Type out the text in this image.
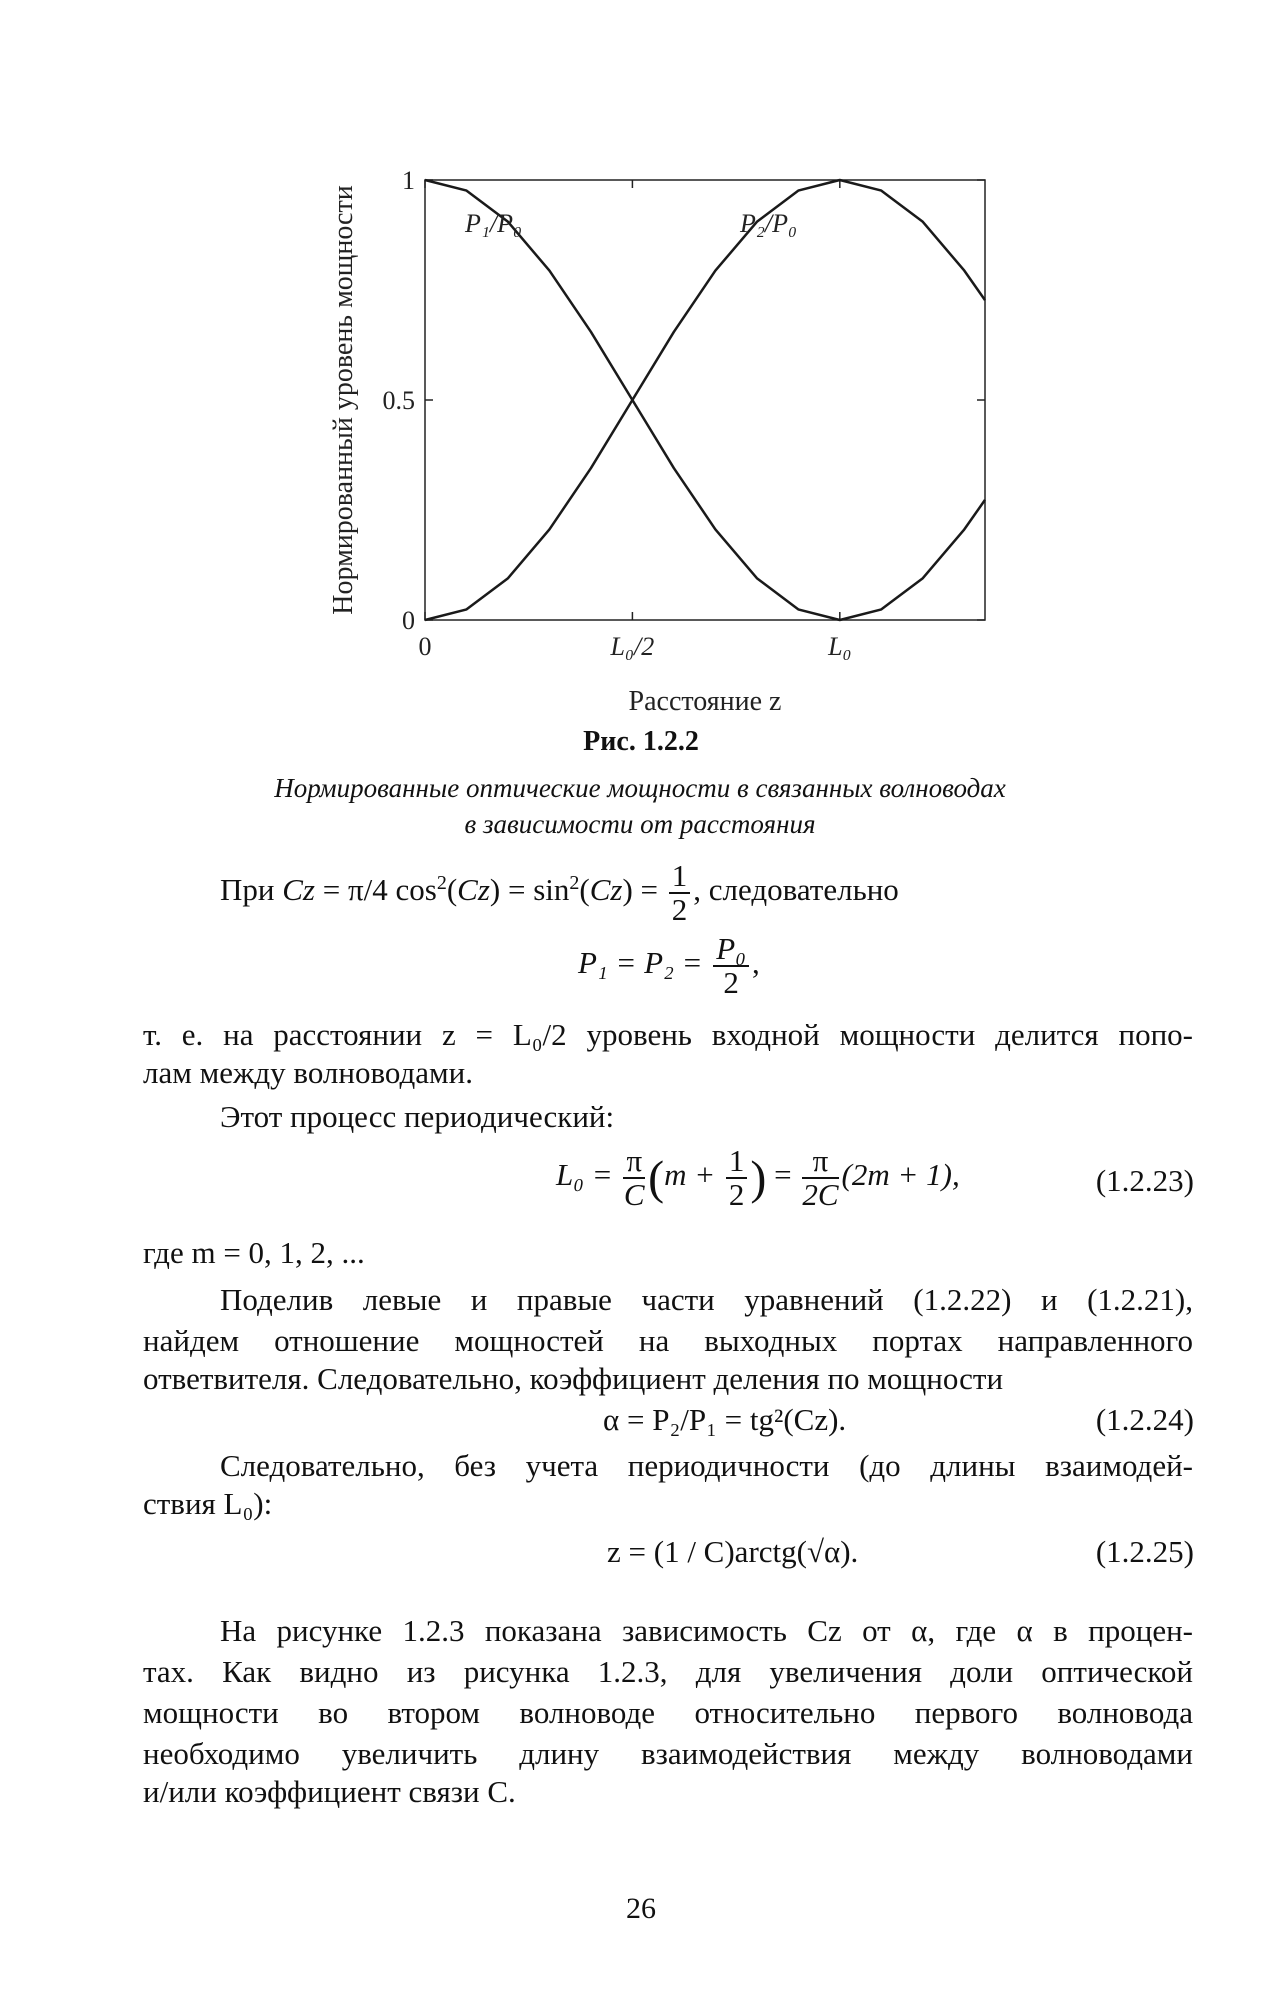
0
0.5
1
0	L₀/2	L₀
Расстояние z
Нормированный уровень мощности	P₁/P₀	P₂/P₀
Рис. 1.2.2
Нормированные оптические мощности в связанных волноводах
в зависимости от расстояния
При Cz = π/4 $\cos^2(Cz) = \sin^2(Cz) = \frac{1}{2}$ , следовательно
$P_1 = P_2 = \frac{\text{P₀}}{2}$ ,
т. е. на расстоянии z = L₀/2 уровень входной мощности делится попо-
лам между волноводами.
Этот процесс периодический:
$L_0 = \frac{\pi}{C} (m + \frac{1}{2}$ ) = $\frac{\pi}{2C} (2m + 1)$,	(1.2.23)
где m = 0, 1, 2, ...
Поделив левые и правые части уравнений (1.2.22) и (1.2.21),
найдем отношение мощностей на выходных портах направленного
ответвителя. Следовательно, коэффициент деления по мощности
α = P₂/P₁ = tg²(Cz).	(1.2.24)
Следовательно, без учета периодичности (до длины взаимодей-
ствия L₀):
z = (1 / C)arctg(√α).	(1.2.25)
На рисунке 1.2.3 показана зависимость Cz от α, где α в процен-
тах. Как видно из рисунка 1.2.3, для увеличения доли оптической
мощности во втором волноводе относительно первого волновода
необходимо увеличить длину взаимодействия между волноводами
и/или коэффициент связи C.
26
